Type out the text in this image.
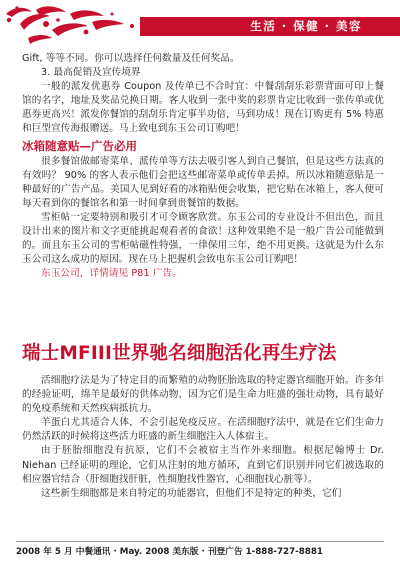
生活 · 保健 · 美容

Gift, 等等不同。你可以选择任何数量及任何奖品。

3. 最高促销及宣传境界

一般的派发优惠券 Coupon 及传单已不合时宜：中餐刮刮乐彩票背面可印上餐馆的名字，地址及奖品兑换日期。客人收到一张中奖的彩票肯定比收到一张传单或优惠券更高兴！派发你餐馆的刮刮乐肯定事半功倍，马到功成！现在订购更有 5% 特惠和巨型宣传海报赠送。马上致电到东玉公司订购吧！

冰箱随意贴—广告必用

很多餐馆做邮寄菜单、派传单等方法去吸引客人到自己餐馆，但是这些方法真的有效吗？ 90% 的客人表示他们会把这些邮寄菜单或传单丢掉。所以冰箱随意贴是一种最好的广告产品。美国人见到好看的冰箱贴便会收集，把它贴在冰箱上，客人便可每天看到你的餐馆名和第一时间拿到贵餐馆的数据。

雪柜帖一定要特别和吸引才可令顾客欣赏。东玉公司的专业设计不但出色，而且设计出来的图片和文字更能挑起观看者的食欲！这种效果绝不是一般广告公司能做到的。而且东玉公司的雪柜帖磁性特强，一律保用三年，绝不用更换。这就是为什么东玉公司这么成功的原因。现在马上把握机会致电东玉公司订购吧！

东玉公司，详情请见 P81 广告。

瑞士MFIII世界驰名细胞活化再生疗法

活细胞疗法是为了特定目的而繁殖的动物胚胎选取的特定器官细胞开始。许多年的经验证明，绵羊是最好的供体动物，因为它们是生命力旺盛的强壮动物，具有最好的免疫系统和天然疾病抵抗力。

羊蛋白尤其适合人体，不会引起免疫反应。在活细胞疗法中，就是在它们生命力仍然活跃的时候将这些活力旺盛的新生细胞注入人体宿主。

由于胚胎细胞没有抗原，它们不会被宿主当作外来细胞。根据尼翰博士 Dr. Niehan 已经证明的理论，它们从注射的地方循环，直到它们识别并同它们被选取的相应器官结合（肝细胞找肝脏，性细胞找性器官，心细胞找心脏等）。

这些新生细胞都是来自特定的功能器官，但他们不是特定的种类，它们

2008 年 5 月 中餐通讯 · May. 2008 美东版 · 刊登广告 1-888-727-8881
